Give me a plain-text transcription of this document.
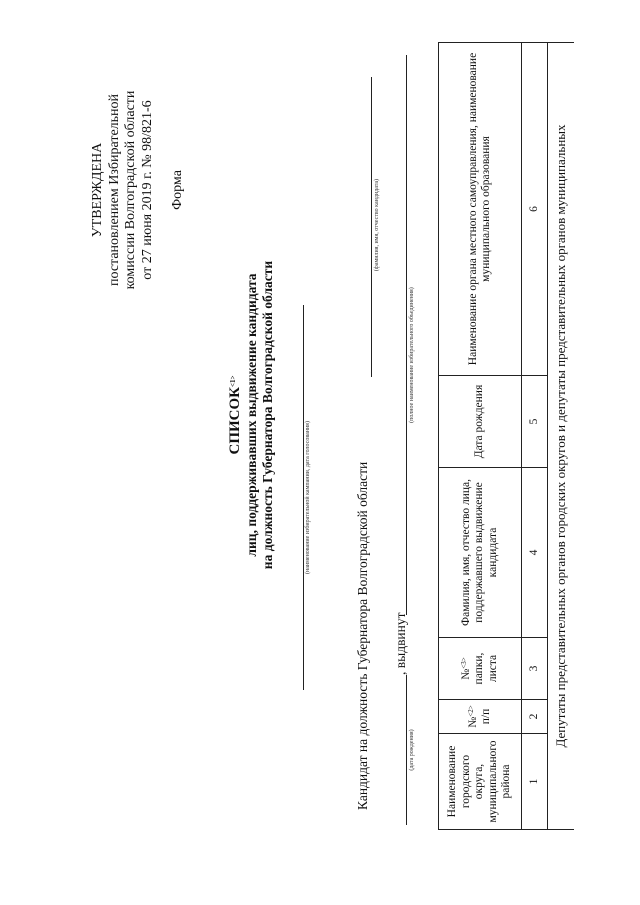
УТВЕРЖДЕНА постановлением Избирательной комиссии Волгоградской области от 27 июня 2019 г. № 98/821-6 Форма
$СПИСОК^{<1>}$ лиц, поддерживавших выдвижение кандидата на должность Губернатора Волгоградской области	(наименование избирательной кампании, дата голосования)	Кандидат на должность Губернатора Волгоградской области
(фамилия, имя, отчество кандидата)
(дата рождения)
, выдвинут
(полное наименование избирательного объединения)
Наименование городского округа, муниципального района	№$^{<2>}$ п/п	№$^{<3>}$ папки, листа	Фамилия, имя, отчество лица, поддержавшего выдвижение кандидата	Дата рождения	Наименование органа местного самоуправления, наименование муниципального образования
1	2	3	4	5	6
Депутаты представительных органов городских округов и депутаты представительных органов муниципальных					
